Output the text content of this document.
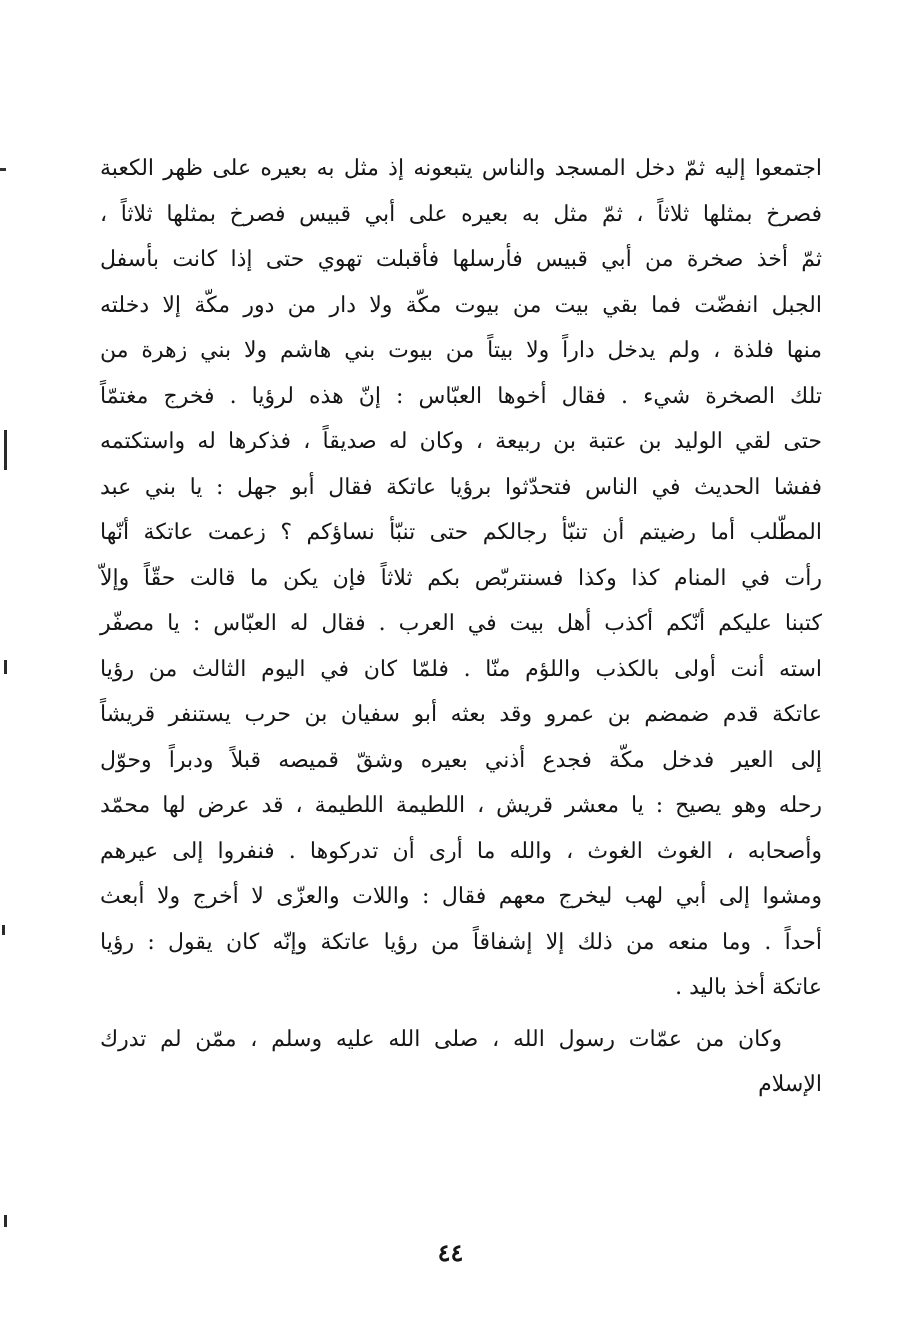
اجتمعوا إليه ثمّ دخل المسجد والناس يتبعونه إذ مثل به بعيره على ظهر الكعبة
فصرخ بمثلها ثلاثاً ، ثمّ مثل به بعيره على أبي قبيس فصرخ بمثلها ثلاثاً ،
ثمّ أخذ صخرة من أبي قبيس فأرسلها فأقبلت تهوي حتى إذا كانت بأسفل
الجبل انفضّت فما بقي بيت من بيوت مكّة ولا دار من دور مكّة إلا دخلته
منها فلذة ، ولم يدخل داراً ولا بيتاً من بيوت بني هاشم ولا بني زهرة من
تلك الصخرة شيء . فقال أخوها العبّاس : إنّ هذه لرؤيا . فخرج مغتمّاً
حتى لقي الوليد بن عتبة بن ربيعة ، وكان له صديقاً ، فذكرها له واستكتمه
ففشا الحديث في الناس فتحدّثوا برؤيا عاتكة فقال أبو جهل : يا بني عبد
المطّلب أما رضيتم أن تنبّأ رجالكم حتى تنبّأ نساؤكم ؟ زعمت عاتكة أنّها
رأت في المنام كذا وكذا فسنتربّص بكم ثلاثاً فإن يكن ما قالت حقّاً وإلاّ
كتبنا عليكم أنّكم أكذب أهل بيت في العرب . فقال له العبّاس : يا مصفّر
استه أنت أولى بالكذب واللؤم منّا . فلمّا كان في اليوم الثالث من رؤيا
عاتكة قدم ضمضم بن عمرو وقد بعثه أبو سفيان بن حرب يستنفر قريشاً
إلى العير فدخل مكّة فجدع أذني بعيره وشقّ قميصه قبلاً ودبراً وحوّل
رحله وهو يصيح : يا معشر قريش ، اللطيمة اللطيمة ، قد عرض لها محمّد
وأصحابه ، الغوث الغوث ، والله ما أرى أن تدركوها . فنفروا إلى عيرهم
ومشوا إلى أبي لهب ليخرج معهم فقال : واللات والعزّى لا أخرج ولا أبعث
أحداً . وما منعه من ذلك إلا إشفاقاً من رؤيا عاتكة وإنّه كان يقول : رؤيا
عاتكة أخذ باليد .
وكان من عمّات رسول الله ، صلى الله عليه وسلم ، ممّن لم تدرك
الإسلام
٤٤
